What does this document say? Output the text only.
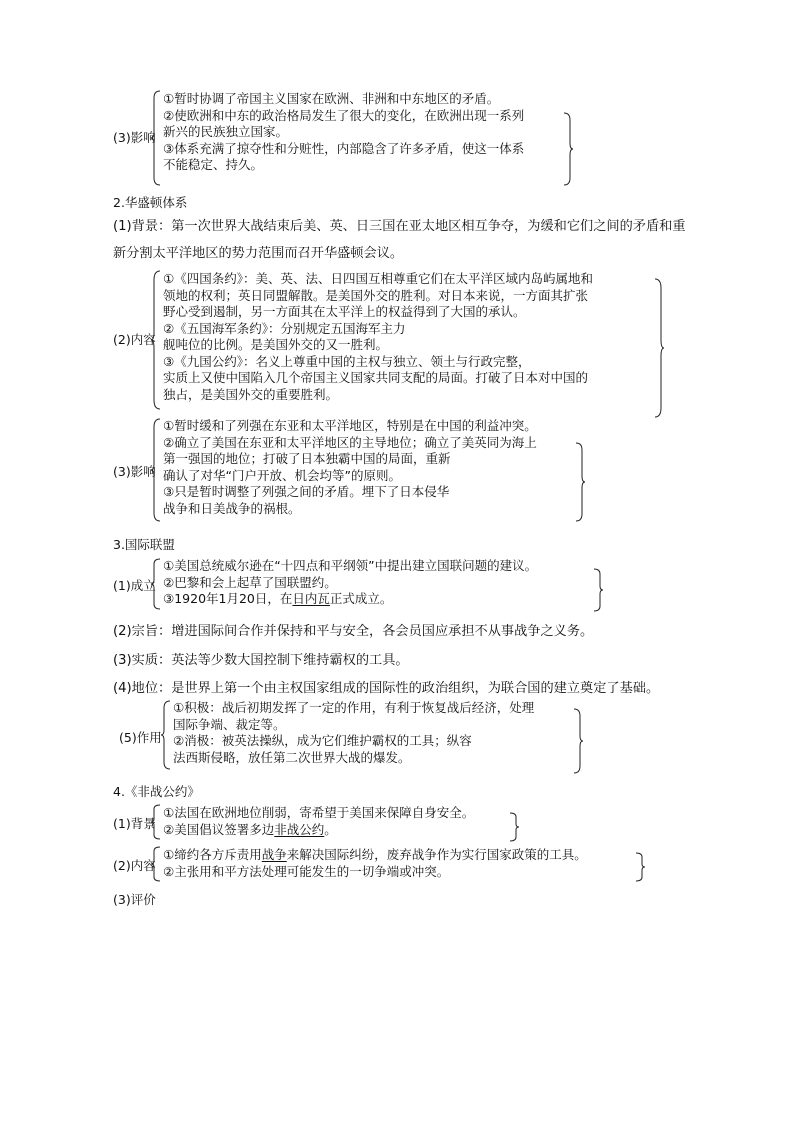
(3)影响
①暂时协调了帝国主义国家在欧洲、非洲和中东地区的矛盾。
②使欧洲和中东的政治格局发生了很大的变化，在欧洲出现一系列
新兴的民族独立国家。
③体系充满了掠夺性和分赃性，内部隐含了许多矛盾，使这一体系
不能稳定、持久。
2.华盛顿体系
(1)背景：第一次世界大战结束后美、英、日三国在亚太地区相互争夺，为缓和它们之间的矛盾和重新分割太平洋地区的势力范围而召开华盛顿会议。
(2)内容
①《四国条约》：美、英、法、日四国互相尊重它们在太平洋区域内岛屿属地和
领地的权利；英日同盟解散。是美国外交的胜利。对日本来说，一方面其扩张
野心受到遏制，另一方面其在太平洋上的权益得到了大国的承认。
②《五国海军条约》：分别规定五国海军主力
舰吨位的比例。是美国外交的又一胜利。
③《九国公约》：名义上尊重中国的主权与独立、领土与行政完整，
实质上又使中国陷入几个帝国主义国家共同支配的局面。打破了日本对中国的
独占，是美国外交的重要胜利。
(3)影响
①暂时缓和了列强在东亚和太平洋地区，特别是在中国的利益冲突。
②确立了美国在东亚和太平洋地区的主导地位；确立了美英同为海上
第一强国的地位；打破了日本独霸中国的局面，重新
确认了对华“门户开放、机会均等”的原则。
③只是暂时调整了列强之间的矛盾。埋下了日本侵华
战争和日美战争的祸根。
3.国际联盟
(1)成立
①美国总统威尔逊在“十四点和平纲领”中提出建立国联问题的建议。
②巴黎和会上起草了国联盟约。
③1920年1月20日，在日内瓦正式成立。
(2)宗旨：增进国际间合作并保持和平与安全，各会员国应承担不从事战争之义务。
(3)实质：英法等少数大国控制下维持霸权的工具。
(4)地位：是世界上第一个由主权国家组成的国际性的政治组织，为联合国的建立奠定了基础。
(5)作用
①积极：战后初期发挥了一定的作用，有利于恢复战后经济，处理
国际争端、裁定等。
②消极：被英法操纵，成为它们维护霸权的工具；纵容
法西斯侵略，放任第二次世界大战的爆发。
4.《非战公约》
(1)背景
①法国在欧洲地位削弱，寄希望于美国来保障自身安全。
②美国倡议签署多边非战公约。
(2)内容
①缔约各方斥责用战争来解决国际纠纷，废弃战争作为实行国家政策的工具。
②主张用和平方法处理可能发生的一切争端或冲突。
(3)评价
